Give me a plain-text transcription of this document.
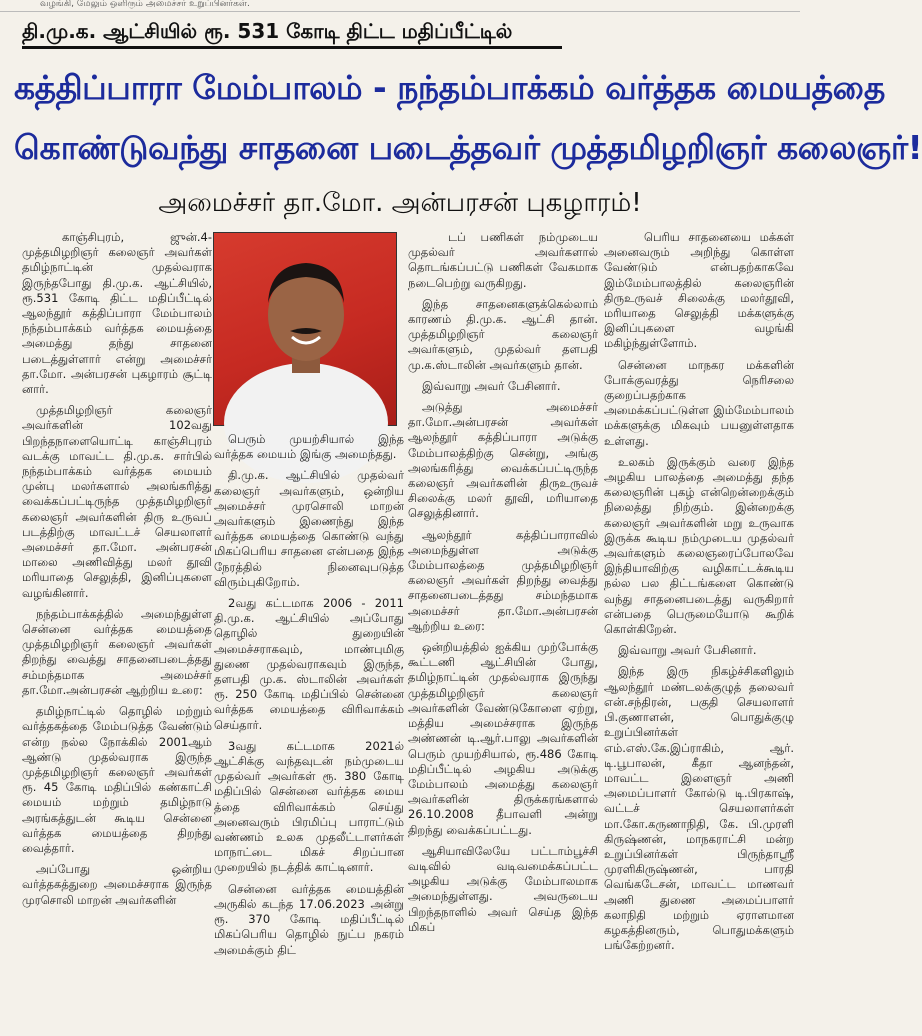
வழங்கி, மேலும் ஒளிரும் அமைச்சர் உறுப்பினர்கள்.
தி.மு.க. ஆட்சியில் ரூ. 531 கோடி திட்ட மதிப்பீட்டில்
கத்திப்பாரா மேம்பாலம் - நந்தம்பாக்கம் வர்த்தக மையத்தை
கொண்டுவந்து சாதனை படைத்தவர் முத்தமிழறிஞர் கலைஞர்!
அமைச்சர் தா.மோ. அன்பரசன் புகழாரம்!

காஞ்சிபுரம், ஜுன்.4- முத்தமிழறிஞர் கலைஞர் அவர்கள் தமிழ்நாட்டின் முதல்வராக இருந்தபோது தி.மு.க. ஆட்சியில், ரூ.531 கோடி திட்ட மதிப்பீட்டில் ஆலந்தூர் கத்திப்பாரா மேம்பாலம் நந்தம்பாக்கம் வர்த்தக மையத்தை அமைத்து தந்து சாதனை படைத்துள்ளார் என்று அமைச்சர் தா.மோ. அன்பரசன் புகழாரம் சூட்டி னார்.

முத்தமிழறிஞர் கலைஞர் அவர்களின் 102வது பிறந்தநாளையொட்டி காஞ்சிபுரம் வடக்கு மாவட்ட தி.மு.க. சார்பில் நந்தம்பாக்கம் வர்த்தக மையம் முன்பு மலர்களால் அலங்கரித்து வைக்கப்பட்டிருந்த முத்தமிழறிஞர் கலைஞர் அவர்களின் திரு உருவப் படத்திற்கு மாவட்டச் செயலாளர் அமைச்சர் தா.மோ. அன்பரசன் மாலை அணிவித்து மலர் தூவி மரியாதை செலுத்தி, இனிப்புகளை வழங்கினார்.

நந்தம்பாக்கத்தில் அமைந்துள்ள சென்னை வர்த்தக மையத்தை முத்தமிழறிஞர் கலைஞர் அவர்கள் திறந்து வைத்து சாதனைபடைத்தது சம்மந்தமாக அமைச்சர் தா.மோ.அன்பரசன் ஆற்றிய உரை:

தமிழ்நாட்டில் தொழில் மற்றும் வர்த்தகத்தை மேம்படுத்த வேண்டும் என்ற நல்ல நோக்கில் 2001ஆம் ஆண்டு முதல்வராக இருந்த முத்தமிழறிஞர் கலைஞர் அவர்கள் ரூ. 45 கோடி மதிப்பில் கண்காட்சி மையம் மற்றும் தமிழ்நாடு அரங்கத்துடன் கூடிய சென்னை வர்த்தக மையத்தை திறந்து வைத்தார்.

அப்போது ஒன்றிய வர்த்தகத்துறை அமைச்சராக இருந்த முரசொலி மாறன் அவர்களின்

பெரும் முயற்சியால் இந்த வர்த்தக மையம் இங்கு அமைந்தது.

தி.மு.க. ஆட்சியில் முதல்வர் கலைஞர் அவர்களும், ஒன்றிய அமைச்சர் முரசொலி மாறன் அவர்களும் இணைந்து இந்த வர்த்தக மையத்தை கொண்டு வந்து மிகப்பெரிய சாதனை என்பதை இந்த நேரத்தில் நினைவுபடுத்த விரும்புகிறோம்.

2வது கட்டமாக 2006 - 2011 தி.மு.க. ஆட்சியில் அப்போது தொழில் துறையின் அமைச்சராகவும், மாண்புமிகு துணை முதல்வராகவும் இருந்த, தளபதி மு.க. ஸ்டாலின் அவர்கள் ரூ. 250 கோடி மதிப்பில் சென்னை வர்த்தக மையத்தை விரிவாக்கம் செய்தார்.

3வது கட்டமாக 2021ல் ஆட்சிக்கு வந்தவுடன் நம்முடைய முதல்வர் அவர்கள் ரூ. 380 கோடி மதிப்பில் சென்னை வர்த்தக மைய த்தை விரிவாக்கம் செய்து அனைவரும் பிரமிப்பு பாராட்டும் வண்ணம் உலக முதலீட்டாளர்கள் மாநாட்டை மிகச் சிறப்பான முறையில் நடத்திக் காட்டினார்.

சென்னை வர்த்தக மையத்தின் அருகில் கடந்த 17.06.2023 அன்று ரூ. 370 கோடி மதிப்பீட்டில் மிகப்பெரிய தொழில் நுட்ப நகரம் அமைக்கும் திட்

டப் பணிகள் நம்முடைய முதல்வர் அவர்களால் தொடங்கப்பட்டு பணிகள் வேகமாக நடைபெற்று வருகிறது.

இந்த சாதனைகளுக்கெல்லாம் காரணம் தி.மு.க. ஆட்சி தான். முத்தமிழறிஞர் கலைஞர் அவர்களும், முதல்வர் தளபதி மு.க.ஸ்டாலின் அவர்களும் தான்.

இவ்வாறு அவர் பேசினார்.

அடுத்து அமைச்சர் தா.மோ.அன்பரசன் அவர்கள் ஆலந்தூர் கத்திப்பாரா அடுக்கு மேம்பாலத்திற்கு சென்று, அங்கு அலங்கரித்து வைக்கப்பட்டிருந்த கலைஞர் அவர்களின் திருஉருவச் சிலைக்கு மலர் தூவி, மரியாதை செலுத்தினார்.

ஆலந்தூர் கத்திப்பாராவில் அமைந்துள்ள அடுக்கு மேம்பாலத்தை முத்தமிழறிஞர் கலைஞர் அவர்கள் திறந்து வைத்து சாதனைபடைத்தது சம்மந்தமாக அமைச்சர் தா.மோ.அன்பரசன் ஆற்றிய உரை:

ஒன்றியத்தில் ஐக்கிய முற்போக்கு கூட்டணி ஆட்சியின் போது, தமிழ்நாட்டின் முதல்வராக இருந்து முத்தமிழறிஞர் கலைஞர் அவர்களின் வேண்டுகோளை ஏற்று, மத்திய அமைச்சராக இருந்த அண்ணன் டி.ஆர்.பாலு அவர்களின் பெரும் முயற்சியால், ரூ.486 கோடி மதிப்பீட்டில் அழகிய அடுக்கு மேம்பாலம் அமைத்து கலைஞர் அவர்களின் திருக்கரங்களால் 26.10.2008 தீபாவளி அன்று திறந்து வைக்கப்பட்டது.

ஆசியாவிலேயே பட்டாம்பூச்சி வடிவில் வடிவமைக்கப்பட்ட அழகிய அடுக்கு மேம்பாலமாக அமைந்துள்ளது. அவருடைய பிறந்தநாளில் அவர் செய்த இந்த மிகப்

பெரிய சாதனையை மக்கள் அனைவரும் அறிந்து கொள்ள வேண்டும் என்பதற்காகவே இம்மேம்பாலத்தில் கலைஞரின் திருஉருவச் சிலைக்கு மலர்தூவி, மரியாதை செலுத்தி மக்களுக்கு இனிப்புகளை வழங்கி மகிழ்ந்துள்ளோம்.

சென்னை மாநகர மக்களின் போக்குவரத்து நெரிசலை குறைப்பதற்காக அமைக்கப்பட்டுள்ள இம்மேம்பாலம் மக்களுக்கு மிகவும் பயனுள்ளதாக உள்ளது.

உலகம் இருக்கும் வரை இந்த அழகிய பாலத்தை அமைத்து தந்த கலைஞரின் புகழ் என்றென்றைக்கும் நிலைத்து நிற்கும். இன்றைக்கு கலைஞர் அவர்களின் மறு உருவாக இருக்க கூடிய நம்முடைய முதல்வர் அவர்களும் கலைஞரைப்போலவே இந்தியாவிற்கு வழிகாட்டக்கூடிய நல்ல பல திட்டங்களை கொண்டு வந்து சாதனைபடைத்து வருகிறார் என்பதை பெருமையோடு கூறிக் கொள்கிறேன்.

இவ்வாறு அவர் பேசினார்.

இந்த இரு நிகழ்ச்சிகளிலும் ஆலந்தூர் மண்டலக்குழுத் தலைவர் என்.சந்திரன், பகுதி செயலாளர் பி.குணாளன், பொதுக்குழு உறுப்பினர்கள் எம்.எஸ்.கே.இப்ராகிம், ஆர். டி.பூபாலன், கீதா ஆனந்தன், மாவட்ட இளைஞர் அணி அமைப்பாளர் கோல்டு டி.பிரகாஷ், வட்டச் செயலாளர்கள் மா.கோ.கருணாநிதி, கே. பி.முரளி கிருஷ்ணன், மாநகராட்சி மன்ற உறுப்பினர்கள் பிருந்தாஸ்ரீ முரளிகிருஷ்ணன், பாரதி வெங்கடேசன், மாவட்ட மாணவர் அணி துணை அமைப்பாளர் கலாநிதி மற்றும் ஏராளமான கழகத்தினரும், பொதுமக்களும் பங்கேற்றனர்.
